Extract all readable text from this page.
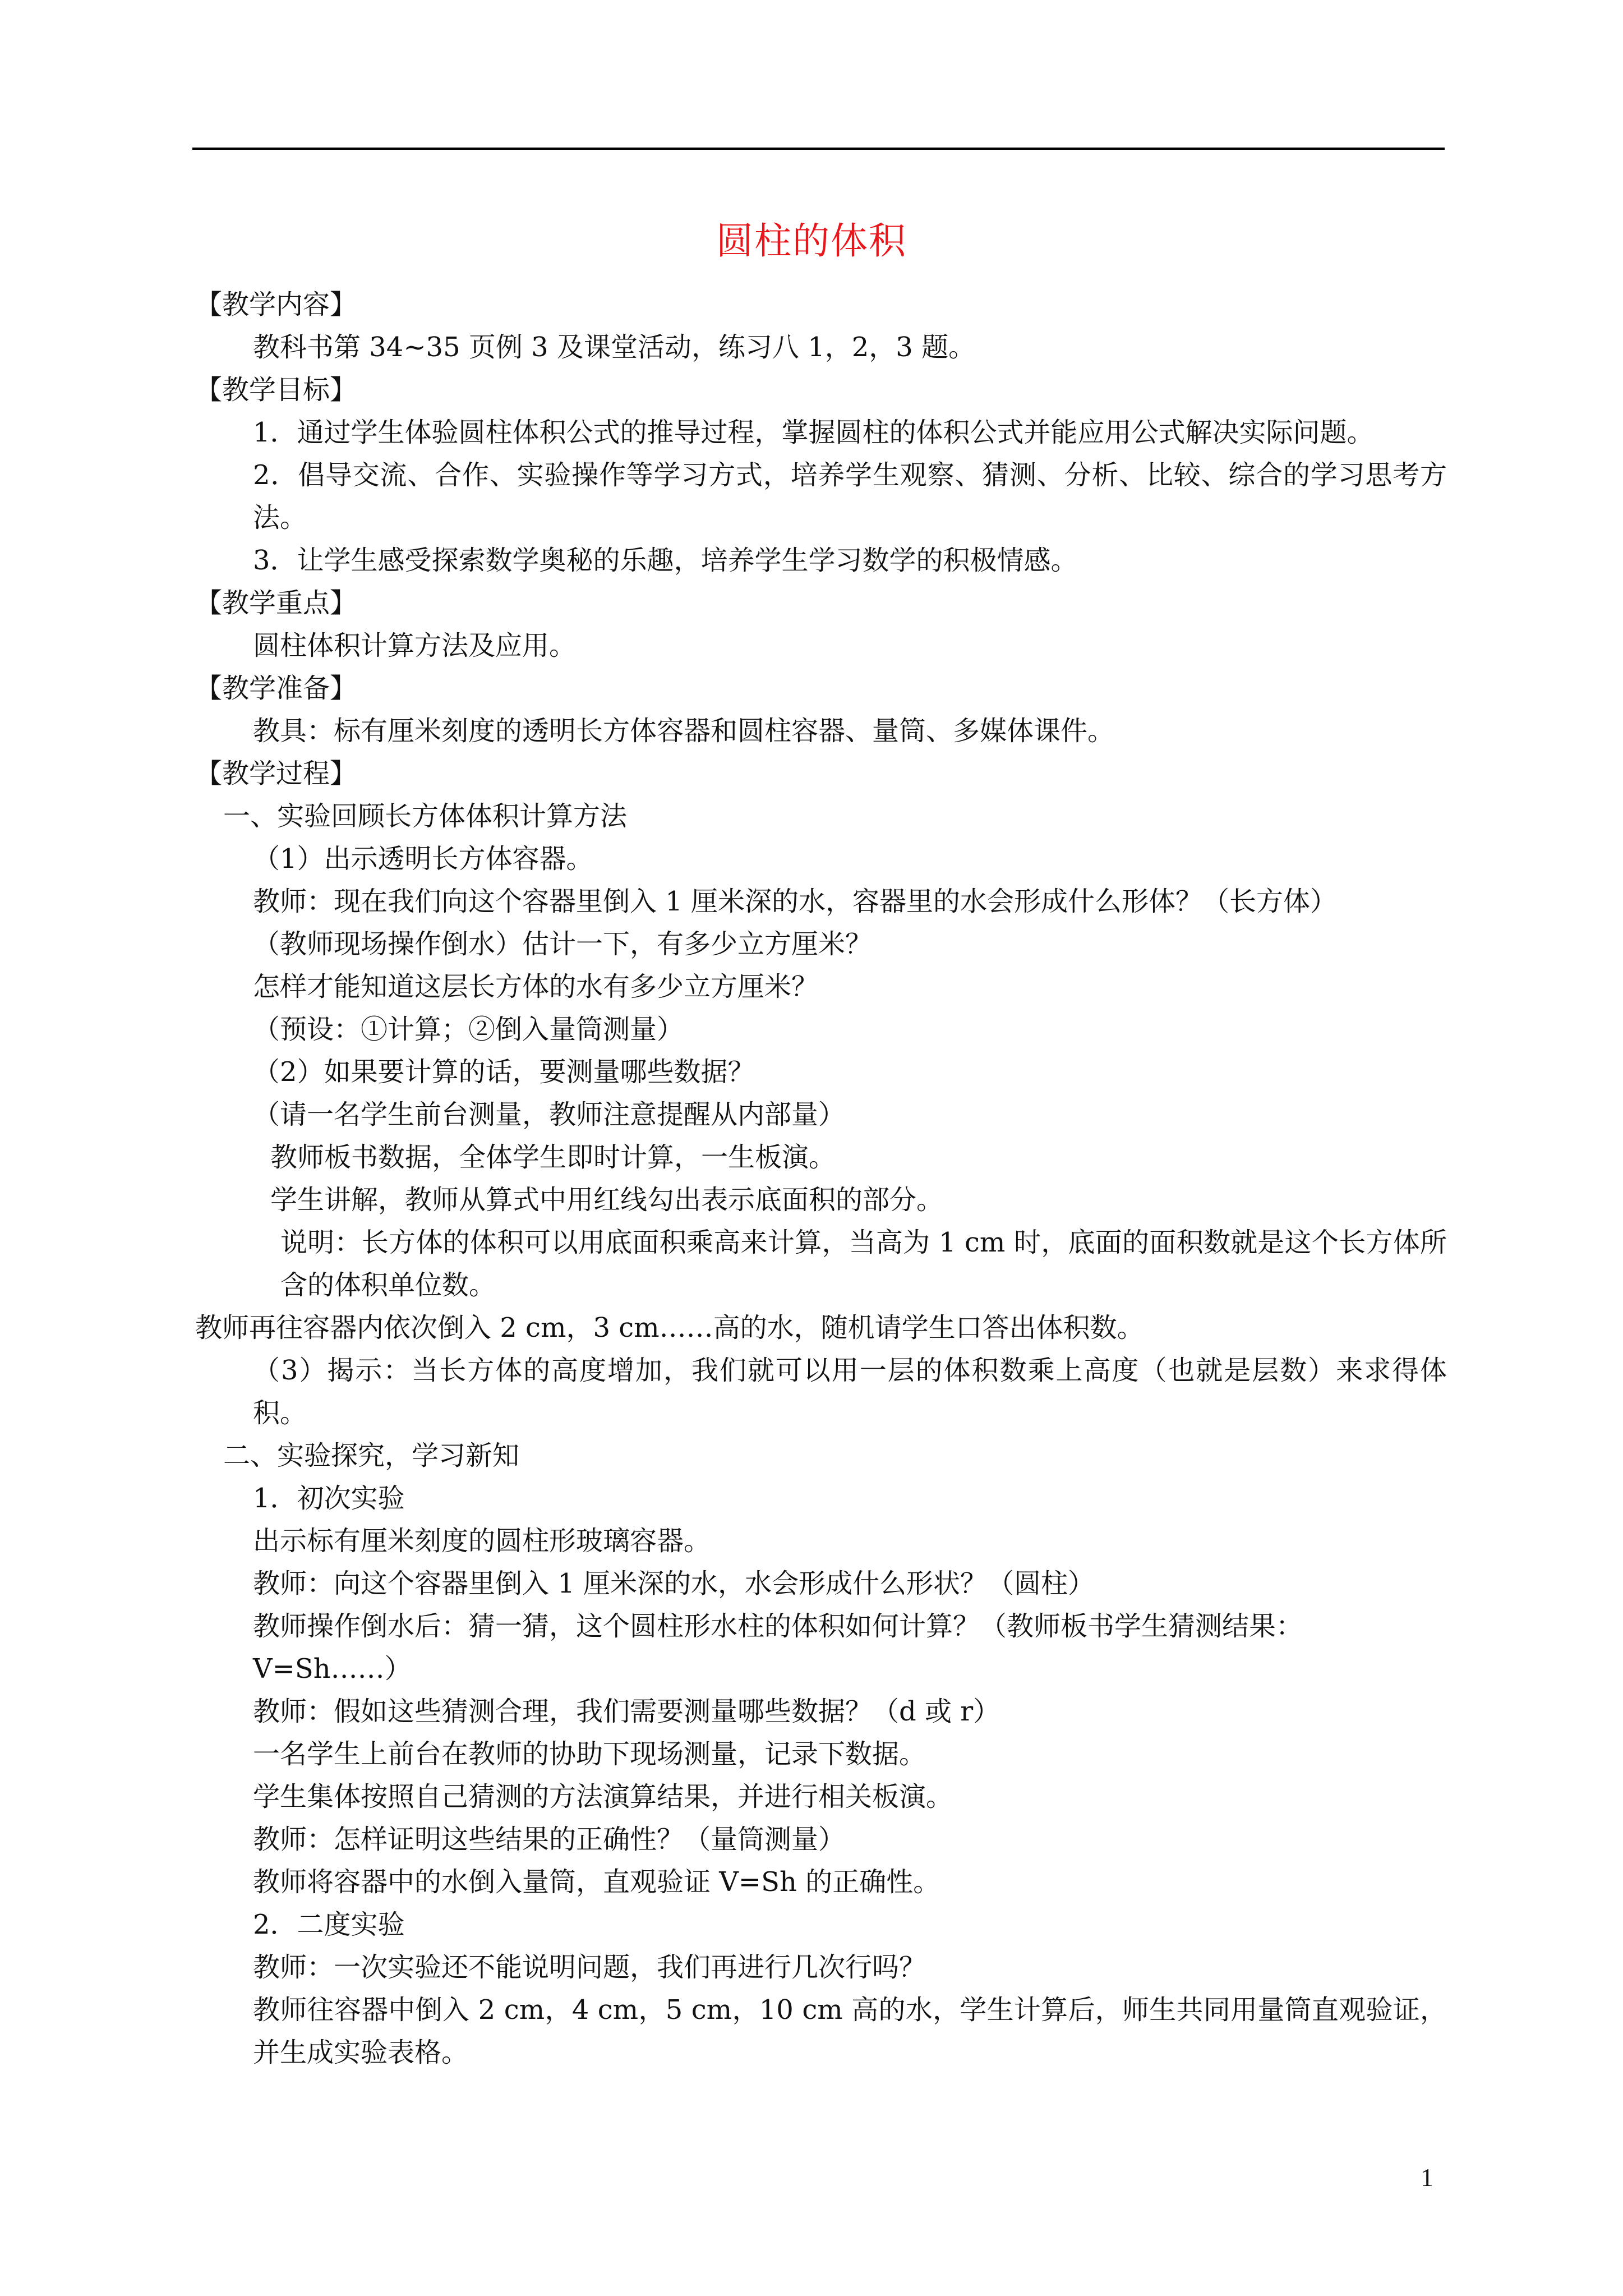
圆柱的体积

【教学内容】

教科书第 34~35 页例 3 及课堂活动，练习八 1，2，3 题。

【教学目标】

1．通过学生体验圆柱体积公式的推导过程，掌握圆柱的体积公式并能应用公式解决实际问题。

2．倡导交流、合作、实验操作等学习方式，培养学生观察、猜测、分析、比较、综合的学习思考方法。

3．让学生感受探索数学奥秘的乐趣，培养学生学习数学的积极情感。

【教学重点】

圆柱体积计算方法及应用。

【教学准备】

教具：标有厘米刻度的透明长方体容器和圆柱容器、量筒、多媒体课件。

【教学过程】

一、实验回顾长方体体积计算方法

（1）出示透明长方体容器。

教师：现在我们向这个容器里倒入 1 厘米深的水，容器里的水会形成什么形体？（长方体）

（教师现场操作倒水）估计一下，有多少立方厘米？

怎样才能知道这层长方体的水有多少立方厘米？

（预设：①计算；②倒入量筒测量）

（2）如果要计算的话，要测量哪些数据？

（请一名学生前台测量，教师注意提醒从内部量）

教师板书数据，全体学生即时计算，一生板演。

学生讲解，教师从算式中用红线勾出表示底面积的部分。

说明：长方体的体积可以用底面积乘高来计算，当高为 1 cm 时，底面的面积数就是这个长方体所含的体积单位数。

教师再往容器内依次倒入 2 cm，3 cm……高的水，随机请学生口答出体积数。

（3）揭示：当长方体的高度增加，我们就可以用一层的体积数乘上高度（也就是层数）来求得体积。

二、实验探究，学习新知

1．初次实验

出示标有厘米刻度的圆柱形玻璃容器。

教师：向这个容器里倒入 1 厘米深的水，水会形成什么形状？（圆柱）

教师操作倒水后：猜一猜，这个圆柱形水柱的体积如何计算？（教师板书学生猜测结果：V=Sh……）

教师：假如这些猜测合理，我们需要测量哪些数据？（d 或 r）

一名学生上前台在教师的协助下现场测量，记录下数据。

学生集体按照自己猜测的方法演算结果，并进行相关板演。

教师：怎样证明这些结果的正确性？（量筒测量）

教师将容器中的水倒入量筒，直观验证 V=Sh 的正确性。

2．二度实验

教师：一次实验还不能说明问题，我们再进行几次行吗？

教师往容器中倒入 2 cm，4 cm，5 cm，10 cm 高的水，学生计算后，师生共同用量筒直观验证，并生成实验表格。

1
